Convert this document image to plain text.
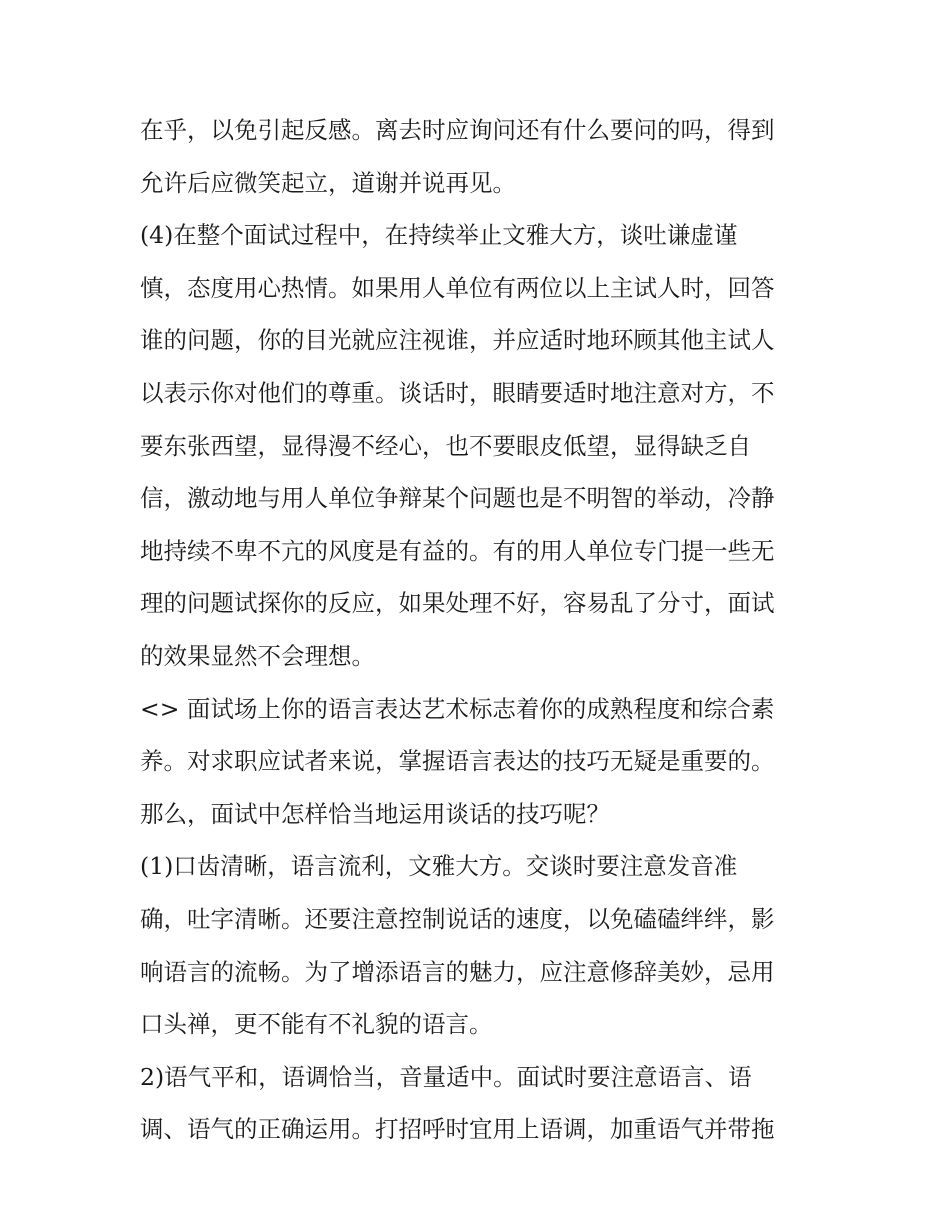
在乎，以免引起反感。离去时应询问还有什么要问的吗，得到
允许后应微笑起立，道谢并说再见。
(4)在整个面试过程中，在持续举止文雅大方，谈吐谦虚谨
慎，态度用心热情。如果用人单位有两位以上主试人时，回答
谁的问题，你的目光就应注视谁，并应适时地环顾其他主试人
以表示你对他们的尊重。谈话时，眼睛要适时地注意对方，不
要东张西望，显得漫不经心，也不要眼皮低望，显得缺乏自
信，激动地与用人单位争辩某个问题也是不明智的举动，冷静
地持续不卑不亢的风度是有益的。有的用人单位专门提一些无
理的问题试探你的反应，如果处理不好，容易乱了分寸，面试
的效果显然不会理想。
<> 面试场上你的语言表达艺术标志着你的成熟程度和综合素
养。对求职应试者来说，掌握语言表达的技巧无疑是重要的。
那么，面试中怎样恰当地运用谈话的技巧呢？
(1)口齿清晰，语言流利，文雅大方。交谈时要注意发音准
确，吐字清晰。还要注意控制说话的速度，以免磕磕绊绊，影
响语言的流畅。为了增添语言的魅力，应注意修辞美妙，忌用
口头禅，更不能有不礼貌的语言。
2)语气平和，语调恰当，音量适中。面试时要注意语言、语
调、语气的正确运用。打招呼时宜用上语调，加重语气并带拖
